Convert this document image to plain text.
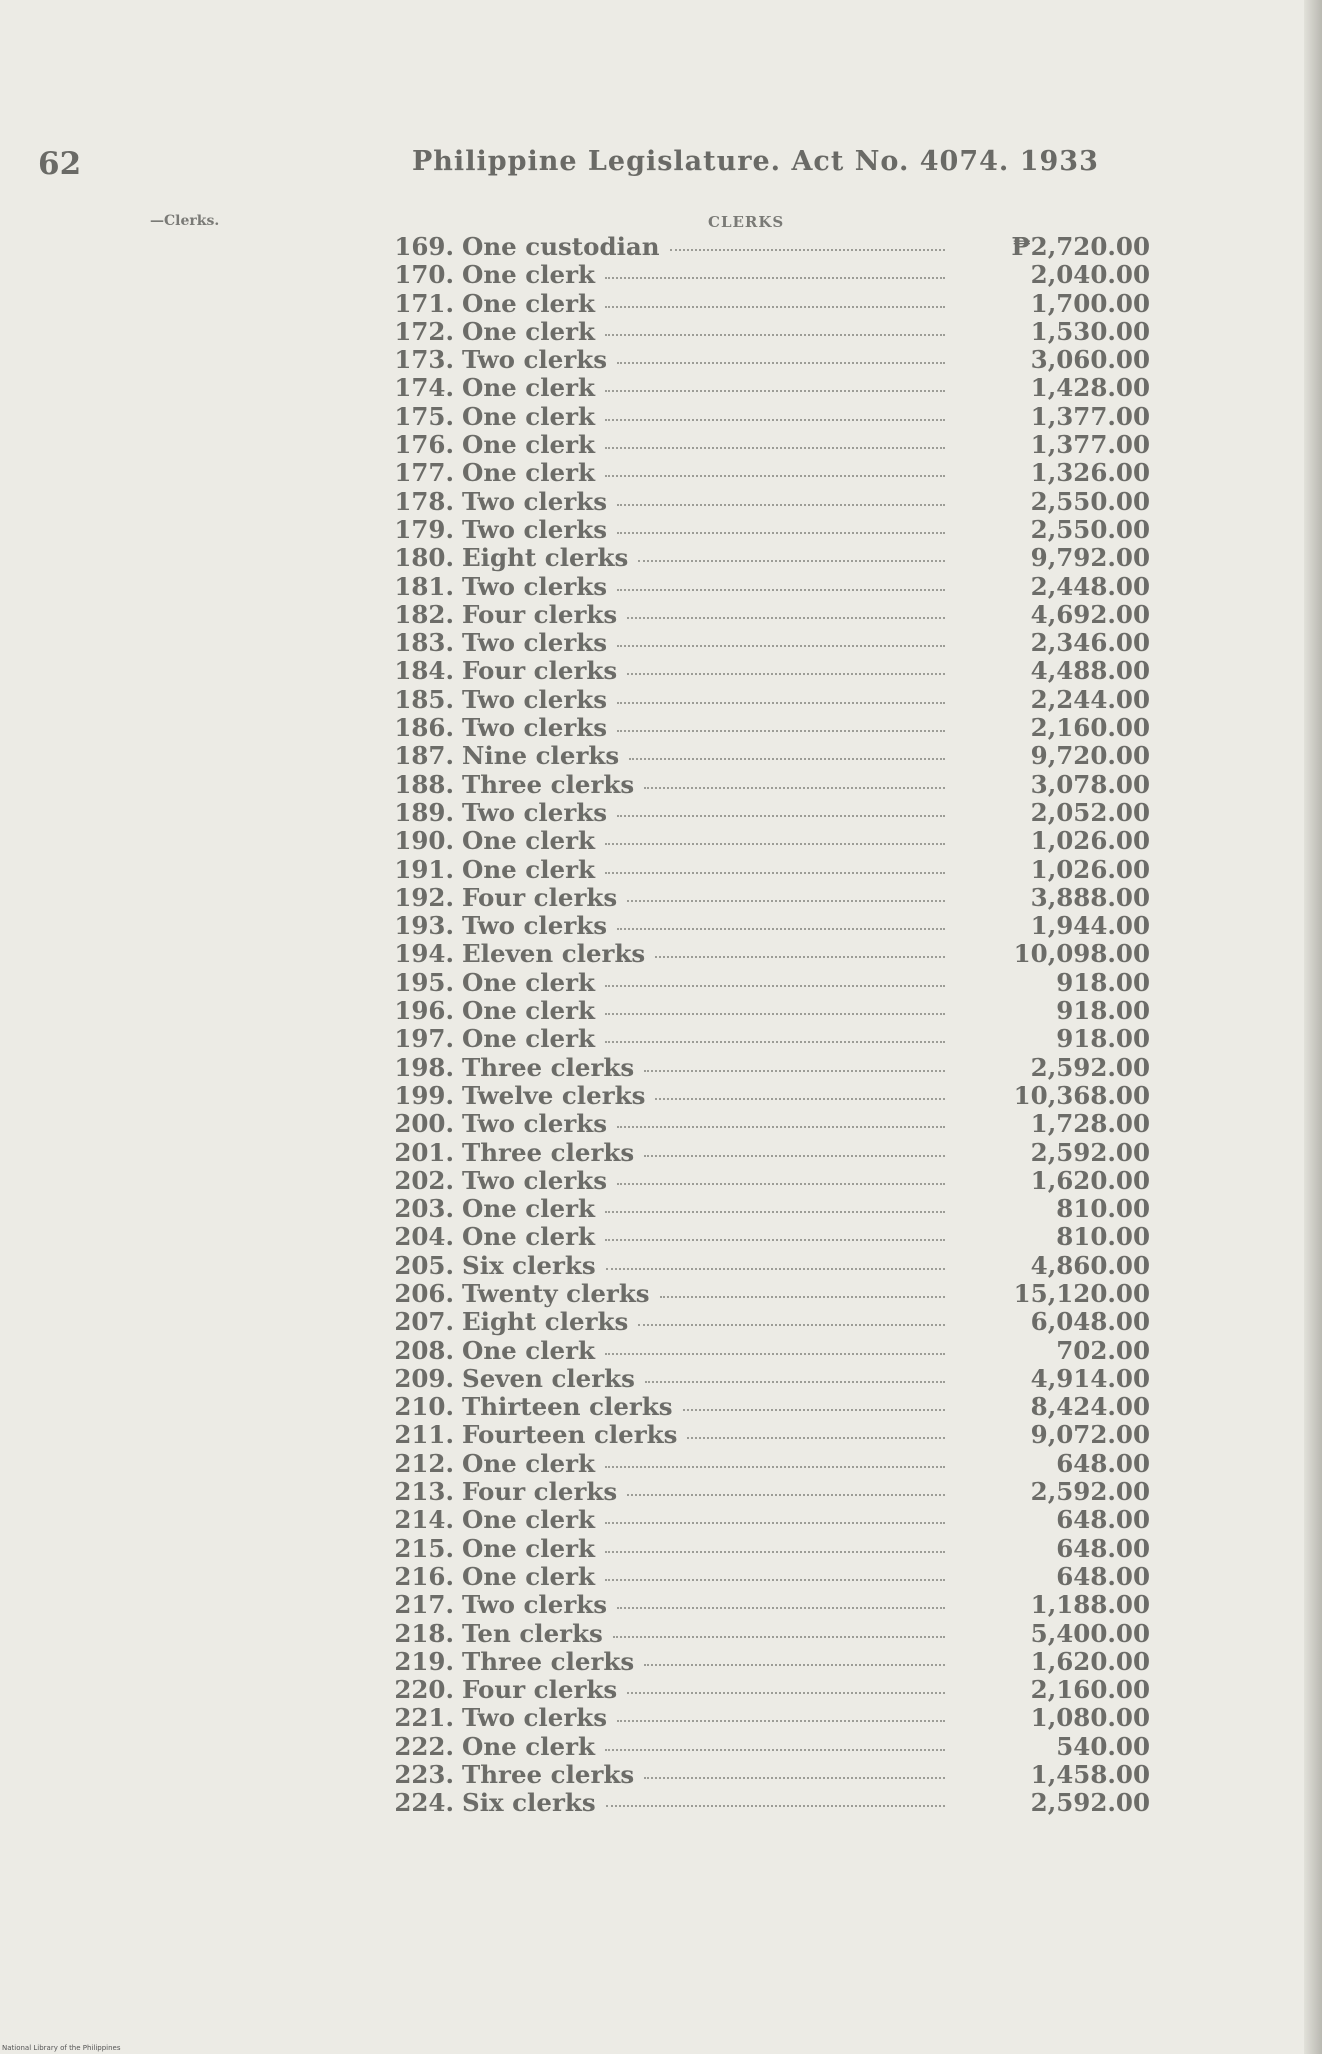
62	Philippine Legislature. Act No. 4074. 1933
—Clerks.	CLERKS
169. One custodian	₱2,720.00
170. One clerk	2,040.00
171. One clerk	1,700.00
172. One clerk	1,530.00
173. Two clerks	3,060.00
174. One clerk	1,428.00
175. One clerk	1,377.00
176. One clerk	1,377.00
177. One clerk	1,326.00
178. Two clerks	2,550.00
179. Two clerks	2,550.00
180. Eight clerks	9,792.00
181. Two clerks	2,448.00
182. Four clerks	4,692.00
183. Two clerks	2,346.00
184. Four clerks	4,488.00
185. Two clerks	2,244.00
186. Two clerks	2,160.00
187. Nine clerks	9,720.00
188. Three clerks	3,078.00
189. Two clerks	2,052.00
190. One clerk	1,026.00
191. One clerk	1,026.00
192. Four clerks	3,888.00
193. Two clerks	1,944.00
194. Eleven clerks	10,098.00
195. One clerk	918.00
196. One clerk	918.00
197. One clerk	918.00
198. Three clerks	2,592.00
199. Twelve clerks	10,368.00
200. Two clerks	1,728.00
201. Three clerks	2,592.00
202. Two clerks	1,620.00
203. One clerk	810.00
204. One clerk	810.00
205. Six clerks	4,860.00
206. Twenty clerks	15,120.00
207. Eight clerks	6,048.00
208. One clerk	702.00
209. Seven clerks	4,914.00
210. Thirteen clerks	8,424.00
211. Fourteen clerks	9,072.00
212. One clerk	648.00
213. Four clerks	2,592.00
214. One clerk	648.00
215. One clerk	648.00
216. One clerk	648.00
217. Two clerks	1,188.00
218. Ten clerks	5,400.00
219. Three clerks	1,620.00
220. Four clerks	2,160.00
221. Two clerks	1,080.00
222. One clerk	540.00
223. Three clerks	1,458.00
224. Six clerks	2,592.00
National Library of the Philippines
